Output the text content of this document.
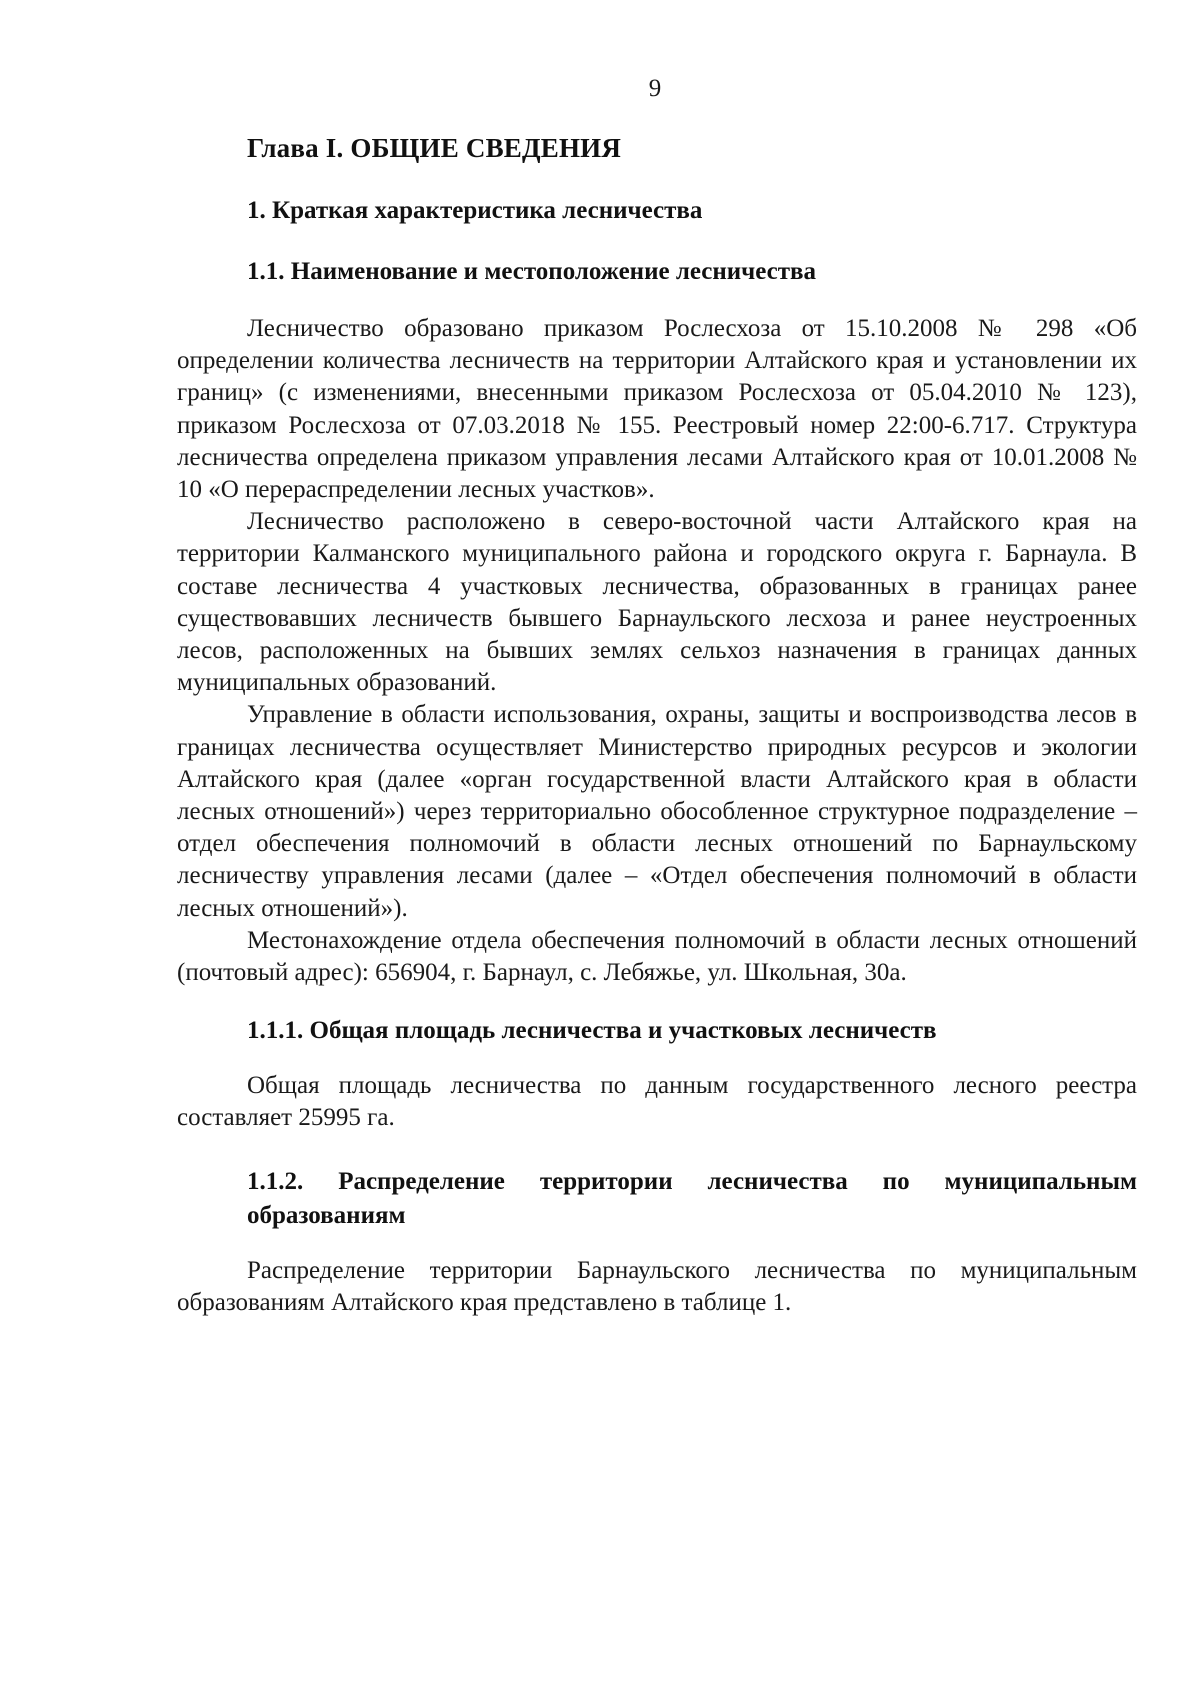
9
Глава I. ОБЩИЕ СВЕДЕНИЯ
1. Краткая характеристика лесничества
1.1. Наименование и местоположение лесничества

Лесничество образовано приказом Рослесхоза от 15.10.2008 № 298 «Об определении количества лесничеств на территории Алтайского края и установлении их границ» (с изменениями, внесенными приказом Рослесхоза от 05.04.2010 № 123), приказом Рослесхоза от 07.03.2018 № 155. Реестровый номер 22:00-6.717. Структура лесничества определена приказом управления лесами Алтайского края от 10.01.2008 № 10 «О перераспределении лесных участков».

Лесничество расположено в северо-восточной части Алтайского края на территории Калманского муниципального района и городского округа г. Барнаула. В составе лесничества 4 участковых лесничества, образованных в границах ранее существовавших лесничеств бывшего Барнаульского лесхоза и ранее неустроенных лесов, расположенных на бывших землях сельхоз назначения в границах данных муниципальных образований.

Управление в области использования, охраны, защиты и воспроизводства лесов в границах лесничества осуществляет Министерство природных ресурсов и экологии Алтайского края (далее «орган государственной власти Алтайского края в области лесных отношений») через территориально обособленное структурное подразделение – отдел обеспечения полномочий в области лесных отношений по Барнаульскому лесничеству управления лесами (далее – «Отдел обеспечения полномочий в области лесных отношений»).

Местонахождение отдела обеспечения полномочий в области лесных отношений (почтовый адрес): 656904, г. Барнаул, с. Лебяжье, ул. Школьная, 30а.

1.1.1. Общая площадь лесничества и участковых лесничеств

Общая площадь лесничества по данным государственного лесного реестра составляет 25995 га.

1.1.2. Распределение территории лесничества по муниципальным образованиям

Распределение территории Барнаульского лесничества по муниципальным образованиям Алтайского края представлено в таблице 1.
